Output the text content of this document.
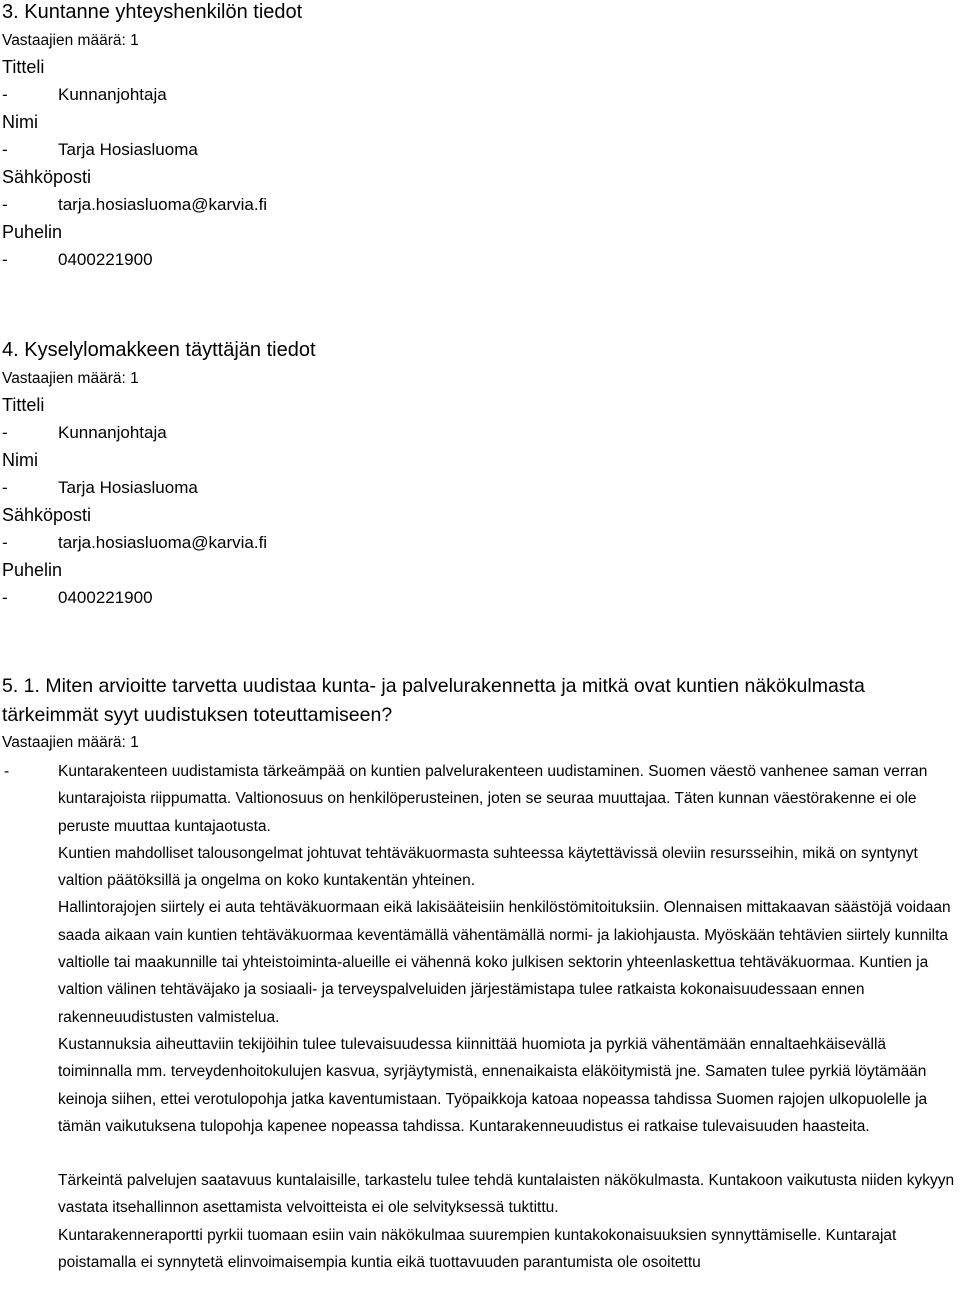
3. Kuntanne yhteyshenkilön tiedot
Vastaajien määrä: 1
Titteli
-	Kunnanjohtaja
Nimi
-	Tarja Hosiasluoma
Sähköposti
-	tarja.hosiasluoma@karvia.fi
Puhelin
-	0400221900
4. Kyselylomakkeen täyttäjän tiedot
Vastaajien määrä: 1
Titteli
-	Kunnanjohtaja
Nimi
-	Tarja Hosiasluoma
Sähköposti
-	tarja.hosiasluoma@karvia.fi
Puhelin
-	0400221900
5. 1. Miten arvioitte tarvetta uudistaa kunta- ja palvelurakennetta ja mitkä ovat kuntien näkökulmasta tärkeimmät syyt uudistuksen toteuttamiseen?
Vastaajien määrä: 1
-	Kuntarakenteen uudistamista tärkeämpää on kuntien palvelurakenteen uudistaminen. Suomen väestö vanhenee saman verran kuntarajoista riippumatta. Valtionosuus on henkilöperusteinen, joten se seuraa muuttajaa. Täten kunnan väestörakenne ei ole peruste muuttaa kuntajaotusta.

Kuntien mahdolliset talousongelmat johtuvat tehtäväkuormasta suhteessa käytettävissä oleviin resursseihin, mikä on syntynyt valtion päätöksillä ja ongelma on koko kuntakentän yhteinen.

Hallintorajojen siirtely ei auta tehtäväkuormaan eikä lakisääteisiin henkilöstömitoituksiin. Olennaisen mittakaavan säästöjä voidaan saada aikaan vain kuntien tehtäväkuormaa keventämällä vähentämällä normi- ja lakiohjausta. Myöskään tehtävien siirtely kunnilta valtiolle tai maakunnille tai yhteistoiminta-alueille ei vähennä koko julkisen sektorin yhteenlaskettua tehtäväkuormaa. Kuntien ja valtion välinen tehtäväjako ja sosiaali- ja terveyspalveluiden järjestämistapa tulee ratkaista kokonaisuudessaan ennen rakenneuudistusten valmistelua.

Kustannuksia aiheuttaviin tekijöihin tulee tulevaisuudessa kiinnittää huomiota ja pyrkiä vähentämään ennaltaehkäisevällä toiminnalla mm. terveydenhoitokulujen kasvua, syrjäytymistä, ennenaikaista eläköitymistä jne. Samaten tulee pyrkiä löytämään keinoja siihen, ettei verotulopohja jatka kaventumistaan. Työpaikkoja katoaa nopeassa tahdissa Suomen rajojen ulkopuolelle ja tämän vaikutuksena tulopohja kapenee nopeassa tahdissa. Kuntarakenneuudistus ei ratkaise tulevaisuuden haasteita.

Tärkeintä palvelujen saatavuus kuntalaisille, tarkastelu tulee tehdä kuntalaisten näkökulmasta. Kuntakoon vaikutusta niiden kykyyn vastata itsehallinnon asettamista velvoitteista ei ole selvityksessä tuktittu.

Kuntarakenneraportti pyrkii tuomaan esiin vain näkökulmaa suurempien kuntakokonaisuuksien synnyttämiselle. Kuntarajat poistamalla ei synnytetä elinvoimaisempia kuntia eikä tuottavuuden parantumista ole osoitettu
